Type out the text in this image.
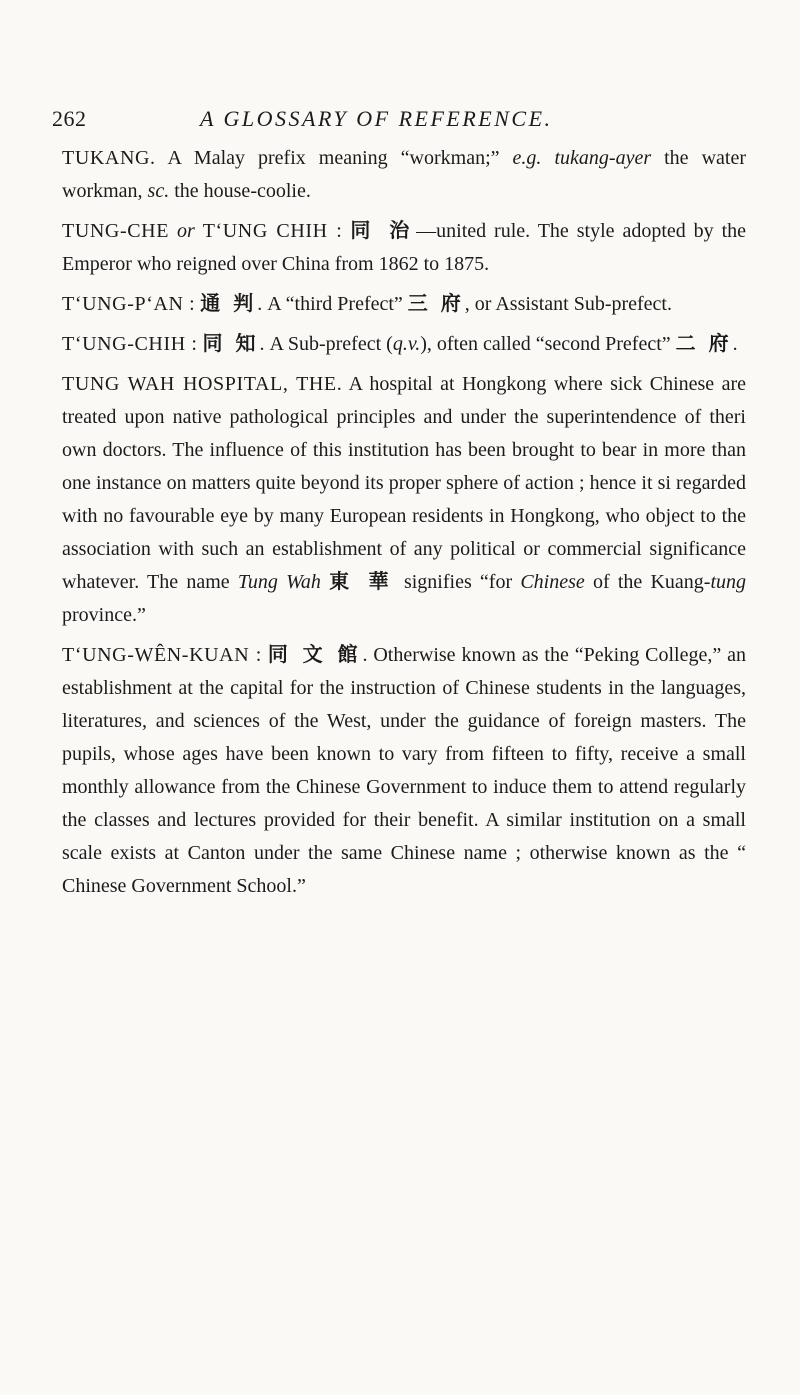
262	A GLOSSARY OF REFERENCE.

TUKANG. A Malay prefix meaning “workman;” e.g. tukang-ayer the water workman, sc. the house-coolie.

TUNG-CHE or T‘UNG CHIH : 同 治—united rule. The style adopted by the Emperor who reigned over China from 1862 to 1875.

T‘UNG-P‘AN : 通 判. A “third Prefect” 三 府, or Assistant Sub-prefect.

T‘UNG-CHIH : 同 知. A Sub-prefect (q.v.), often called “second Prefect” 二 府.

TUNG WAH HOSPITAL, THE. A hospital at Hongkong where sick Chinese are treated upon native pathological principles and under the superintendence of theri own doctors. The influence of this institution has been brought to bear in more than one instance on matters quite beyond its proper sphere of action ; hence it si regarded with no favourable eye by many European residents in Hongkong, who object to the association with such an establishment of any political or commercial significance whatever. The name Tung Wah 東 華 signifies “for Chinese of the Kuang-tung province.”

T‘UNG-WÊN-KUAN : 同 文 館. Otherwise known as the “Peking College,” an establishment at the capital for the instruction of Chinese students in the languages, literatures, and sciences of the West, under the guidance of foreign masters. The pupils, whose ages have been known to vary from fifteen to fifty, receive a small monthly allowance from the Chinese Government to induce them to attend regularly the classes and lectures provided for their benefit. A similar institution on a small scale exists at Canton under the same Chinese name ; otherwise known as the “ Chinese Government School.”
